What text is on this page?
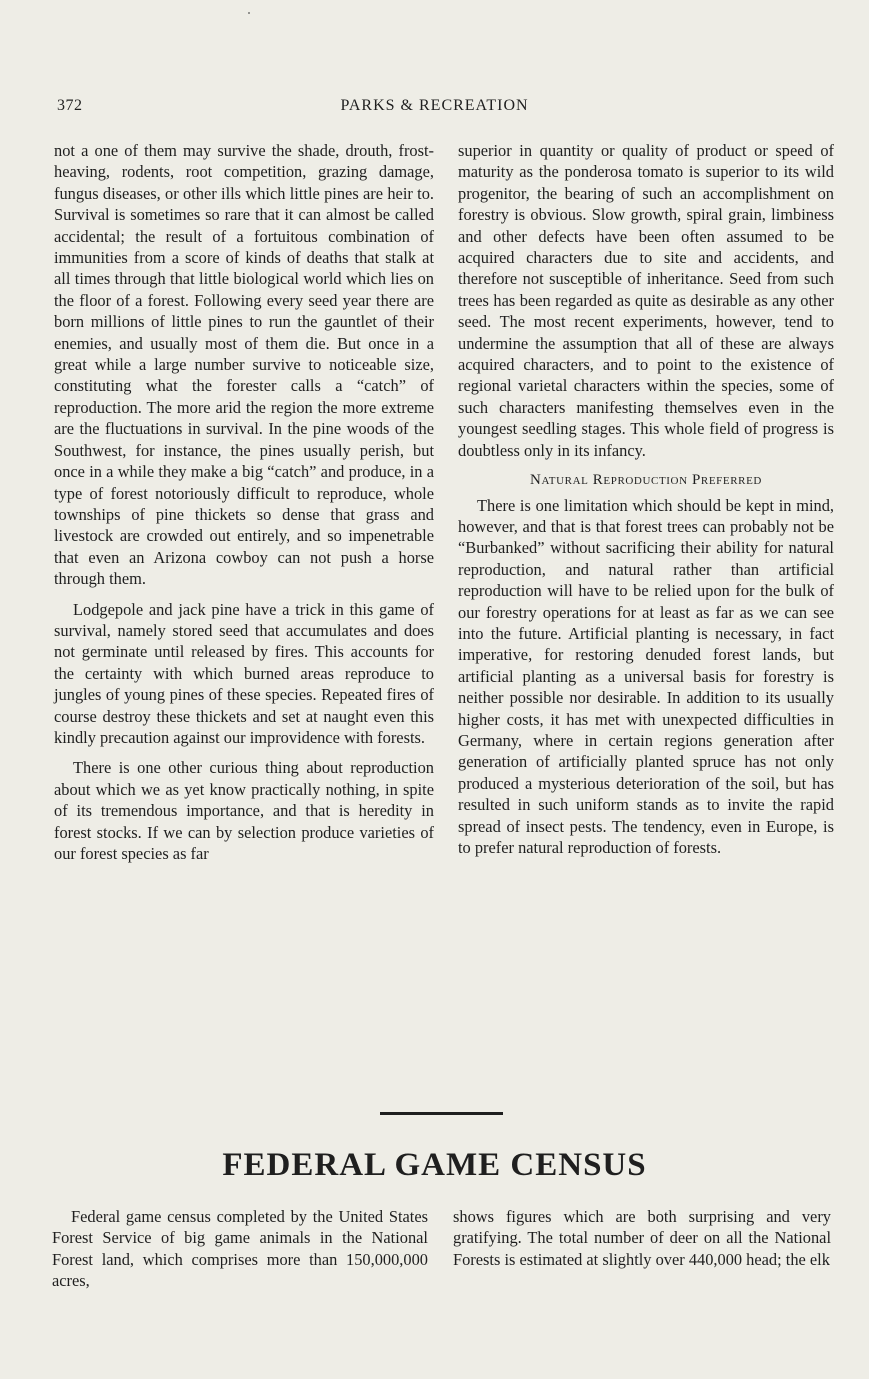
372	PARKS & RECREATION

not a one of them may survive the shade, drouth, frost-heaving, rodents, root competition, grazing damage, fungus diseases, or other ills which little pines are heir to. Survival is sometimes so rare that it can almost be called accidental; the result of a fortuitous combination of immunities from a score of kinds of deaths that stalk at all times through that little biological world which lies on the floor of a forest. Following every seed year there are born millions of little pines to run the gauntlet of their enemies, and usually most of them die. But once in a great while a large number survive to noticeable size, constituting what the forester calls a “catch” of reproduction. The more arid the region the more extreme are the fluctuations in survival. In the pine woods of the Southwest, for instance, the pines usually perish, but once in a while they make a big “catch” and produce, in a type of forest notoriously difficult to reproduce, whole townships of pine thickets so dense that grass and livestock are crowded out entirely, and so impenetrable that even an Arizona cowboy can not push a horse through them.

Lodgepole and jack pine have a trick in this game of survival, namely stored seed that accumulates and does not germinate until released by fires. This accounts for the certainty with which burned areas reproduce to jungles of young pines of these species. Repeated fires of course destroy these thickets and set at naught even this kindly precaution against our improvidence with forests.

There is one other curious thing about reproduction about which we as yet know practically nothing, in spite of its tremendous importance, and that is heredity in forest stocks. If we can by selection produce varieties of our forest species as far

superior in quantity or quality of product or speed of maturity as the ponderosa tomato is superior to its wild progenitor, the bearing of such an accomplishment on forestry is obvious. Slow growth, spiral grain, limbiness and other defects have been often assumed to be acquired characters due to site and accidents, and therefore not susceptible of inheritance. Seed from such trees has been regarded as quite as desirable as any other seed. The most recent experiments, however, tend to undermine the assumption that all of these are always acquired characters, and to point to the existence of regional varietal characters within the species, some of such characters manifesting themselves even in the youngest seedling stages. This whole field of progress is doubtless only in its infancy.

Natural Reproduction Preferred

There is one limitation which should be kept in mind, however, and that is that forest trees can probably not be “Burbanked” without sacrificing their ability for natural reproduction, and natural rather than artificial reproduction will have to be relied upon for the bulk of our forestry operations for at least as far as we can see into the future. Artificial planting is necessary, in fact imperative, for restoring denuded forest lands, but artificial planting as a universal basis for forestry is neither possible nor desirable. In addition to its usually higher costs, it has met with unexpected difficulties in Germany, where in certain regions generation after generation of artificially planted spruce has not only produced a mysterious deterioration of the soil, but has resulted in such uniform stands as to invite the rapid spread of insect pests. The tendency, even in Europe, is to prefer natural reproduction of forests.

FEDERAL GAME CENSUS

Federal game census completed by the United States Forest Service of big game animals in the National Forest land, which comprises more than 150,000,000 acres,

shows figures which are both surprising and very gratifying. The total number of deer on all the National Forests is estimated at slightly over 440,000 head; the elk
